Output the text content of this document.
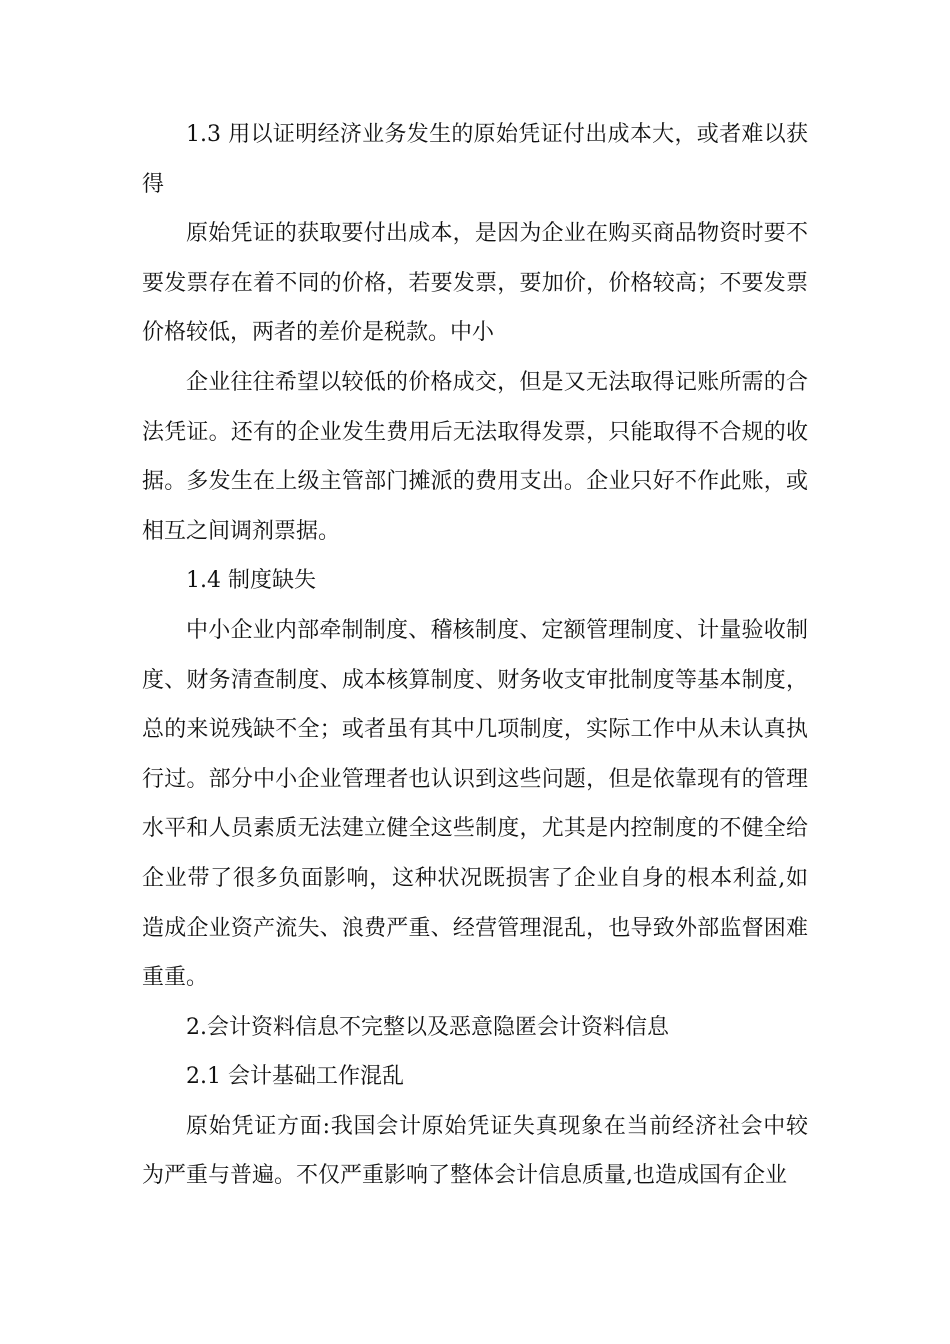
1.3 用以证明经济业务发生的原始凭证付出成本大，或者难以获得

原始凭证的获取要付出成本，是因为企业在购买商品物资时要不要发票存在着不同的价格，若要发票，要加价，价格较高；不要发票价格较低，两者的差价是税款。中小

企业往往希望以较低的价格成交，但是又无法取得记账所需的合法凭证。还有的企业发生费用后无法取得发票，只能取得不合规的收据。多发生在上级主管部门摊派的费用支出。企业只好不作此账，或相互之间调剂票据。

1.4 制度缺失

中小企业内部牵制制度、稽核制度、定额管理制度、计量验收制度、财务清查制度、成本核算制度、财务收支审批制度等基本制度，总的来说残缺不全；或者虽有其中几项制度，实际工作中从未认真执行过。部分中小企业管理者也认识到这些问题，但是依靠现有的管理水平和人员素质无法建立健全这些制度，尤其是内控制度的不健全给企业带了很多负面影响，这种状况既损害了企业自身的根本利益,如造成企业资产流失、浪费严重、经营管理混乱，也导致外部监督困难重重。

2.会计资料信息不完整以及恶意隐匿会计资料信息

2.1 会计基础工作混乱

原始凭证方面:我国会计原始凭证失真现象在当前经济社会中较为严重与普遍。不仅严重影响了整体会计信息质量,也造成国有企业
